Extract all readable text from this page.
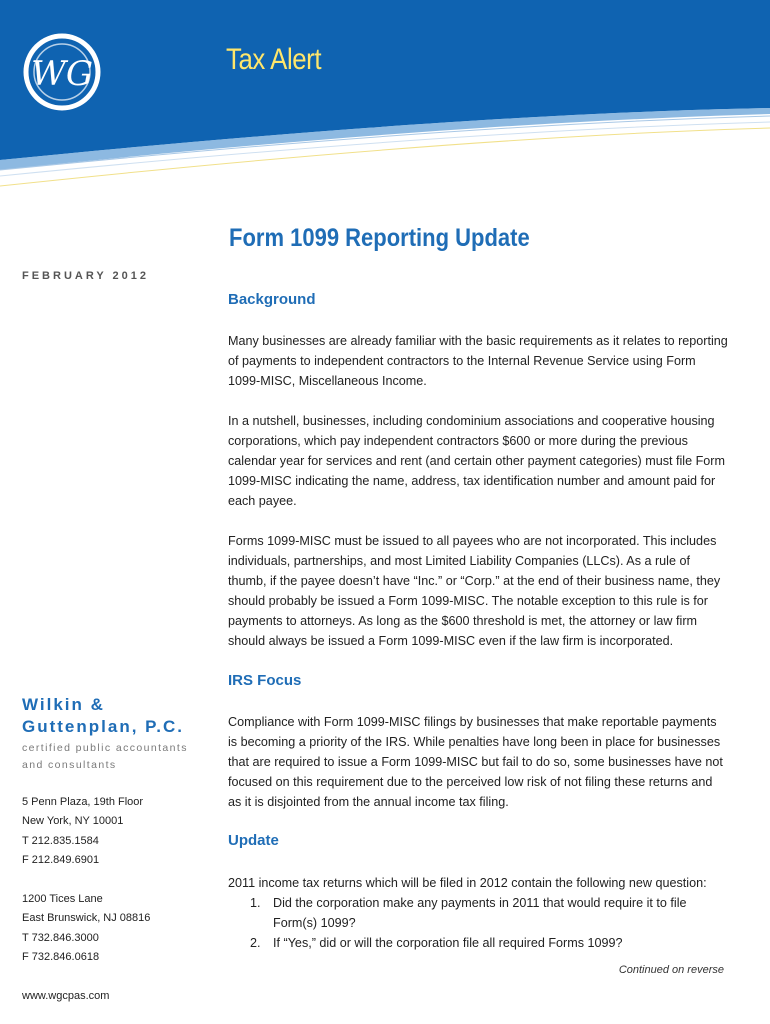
WG	Tax Alert
Form 1099 Reporting Update
FEBRUARY 2012
Background
Many businesses are already familiar with the basic requirements as it relates to reporting of payments to independent contractors to the Internal Revenue Service using Form 1099-MISC, Miscellaneous Income.
In a nutshell, businesses, including condominium associations and cooperative housing corporations, which pay independent contractors $600 or more during the previous calendar year for services and rent (and certain other payment categories) must file Form 1099-MISC indicating the name, address, tax identification number and amount paid for each payee.
Forms 1099-MISC must be issued to all payees who are not incorporated. This includes individuals, partnerships, and most Limited Liability Companies (LLCs). As a rule of thumb, if the payee doesn’t have “Inc.” or “Corp.” at the end of their business name, they should probably be issued a Form 1099-MISC. The notable exception to this rule is for payments to attorneys. As long as the $600 threshold is met, the attorney or law firm should always be issued a Form 1099-MISC even if the law firm is incorporated.
IRS Focus
Compliance with Form 1099-MISC filings by businesses that make reportable payments is becoming a priority of the IRS. While penalties have long been in place for businesses that are required to issue a Form 1099-MISC but fail to do so, some businesses have not focused on this requirement due to the perceived low risk of not filing these returns and as it is disjointed from the annual income tax filing.
Update
2011 income tax returns which will be filed in 2012 contain the following new question:
1. Did the corporation make any payments in 2011 that would require it to file Form(s) 1099?
2. If “Yes,” did or will the corporation file all required Forms 1099?
Continued on reverse
Wilkin &
Guttenplan, P.C.
certified public accountants
and consultants
5 Penn Plaza, 19th Floor
New York, NY 10001
T 212.835.1584
F 212.849.6901
1200 Tices Lane
East Brunswick, NJ 08816
T 732.846.3000
F 732.846.0618
www.wgcpas.com
